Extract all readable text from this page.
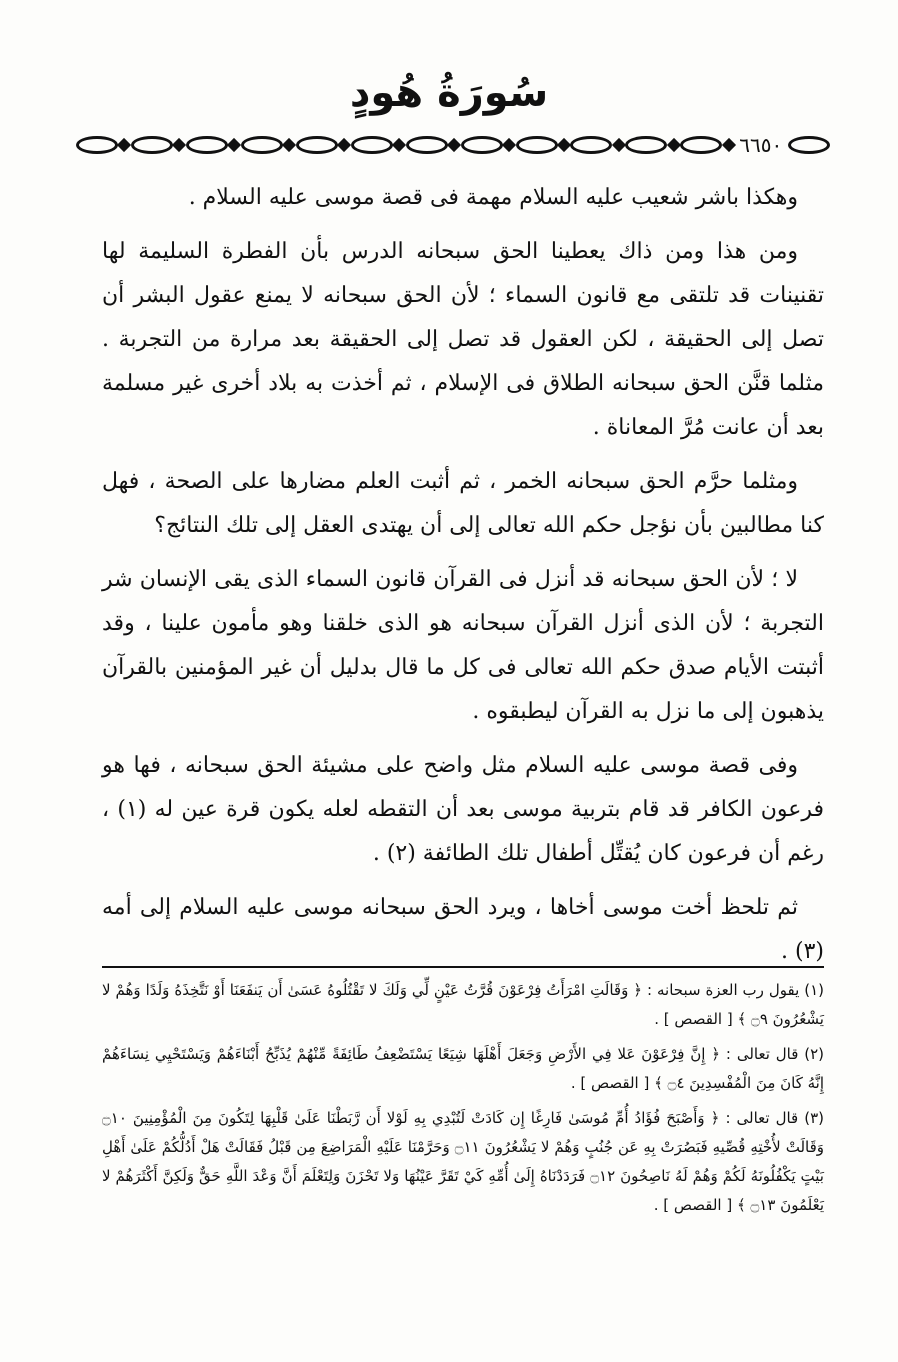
سُورَةُ هُودٍ
٦٦٥٠

وهكذا باشر شعيب عليه السلام مهمة فى قصة موسى عليه السلام .

ومن هذا ومن ذاك يعطينا الحق سبحانه الدرس بأن الفطرة السليمة لها تقنينات قد تلتقى مع قانون السماء ؛ لأن الحق سبحانه لا يمنع عقول البشر أن تصل إلى الحقيقة ، لكن العقول قد تصل إلى الحقيقة بعد مرارة من التجربة . مثلما قنَّن الحق سبحانه الطلاق فى الإسلام ، ثم أخذت به بلاد أخرى غير مسلمة بعد أن عانت مُرَّ المعاناة .

ومثلما حرَّم الحق سبحانه الخمر ، ثم أثبت العلم مضارها على الصحة ، فهل كنا مطالبين بأن نؤجل حكم الله تعالى إلى أن يهتدى العقل إلى تلك النتائج؟

لا ؛ لأن الحق سبحانه قد أنزل فى القرآن قانون السماء الذى يقى الإنسان شر التجربة ؛ لأن الذى أنزل القرآن سبحانه هو الذى خلقنا وهو مأمون علينا ، وقد أثبتت الأيام صدق حكم الله تعالى فى كل ما قال بدليل أن غير المؤمنين بالقرآن يذهبون إلى ما نزل به القرآن ليطبقوه .

وفى قصة موسى عليه السلام مثل واضح على مشيئة الحق سبحانه ، فها هو فرعون الكافر قد قام بتربية موسى بعد أن التقطه لعله يكون قرة عين له (١) ، رغم أن فرعون كان يُقتِّل أطفال تلك الطائفة (٢) .

ثم تلحظ أخت موسى أخاها ، ويرد الحق سبحانه موسى عليه السلام إلى أمه (٣) .

(١) يقول رب العزة سبحانه : ﴿ وَقَالَتِ امْرَأَتُ فِرْعَوْنَ قُرَّتُ عَيْنٍ لِّي وَلَكَ لا تَقْتُلُوهُ عَسَىٰ أَن يَنفَعَنَا أَوْ نَتَّخِذَهُ وَلَدًا وَهُمْ لا يَشْعُرُونَ ۝٩ ﴾ [ القصص ] .

(٢) قال تعالى : ﴿ إِنَّ فِرْعَوْنَ عَلا فِي الأَرْضِ وَجَعَلَ أَهْلَهَا شِيَعًا يَسْتَضْعِفُ طَائِفَةً مِّنْهُمْ يُذَبِّحُ أَبْنَاءَهُمْ وَيَسْتَحْيِي نِسَاءَهُمْ إِنَّهُ كَانَ مِنَ الْمُفْسِدِينَ ۝٤ ﴾ [ القصص ] .

(٣) قال تعالى : ﴿ وَأَصْبَحَ فُؤَادُ أُمِّ مُوسَىٰ فَارِغًا إِن كَادَتْ لَتُبْدِي بِهِ لَوْلا أَن رَّبَطْنَا عَلَىٰ قَلْبِهَا لِتَكُونَ مِنَ الْمُؤْمِنِينَ ۝١٠ وَقَالَتْ لأُخْتِهِ قُصِّيهِ فَبَصُرَتْ بِهِ عَن جُنُبٍ وَهُمْ لا يَشْعُرُونَ ۝١١ وَحَرَّمْنَا عَلَيْهِ الْمَرَاضِعَ مِن قَبْلُ فَقَالَتْ هَلْ أَدُلُّكُمْ عَلَىٰ أَهْلِ بَيْتٍ يَكْفُلُونَهُ لَكُمْ وَهُمْ لَهُ نَاصِحُونَ ۝١٢ فَرَدَدْنَاهُ إِلَىٰ أُمِّهِ كَيْ تَقَرَّ عَيْنُهَا وَلا تَحْزَنَ وَلِتَعْلَمَ أَنَّ وَعْدَ اللَّهِ حَقٌّ وَلَكِنَّ أَكْثَرَهُمْ لا يَعْلَمُونَ ۝١٣ ﴾ [ القصص ] .
